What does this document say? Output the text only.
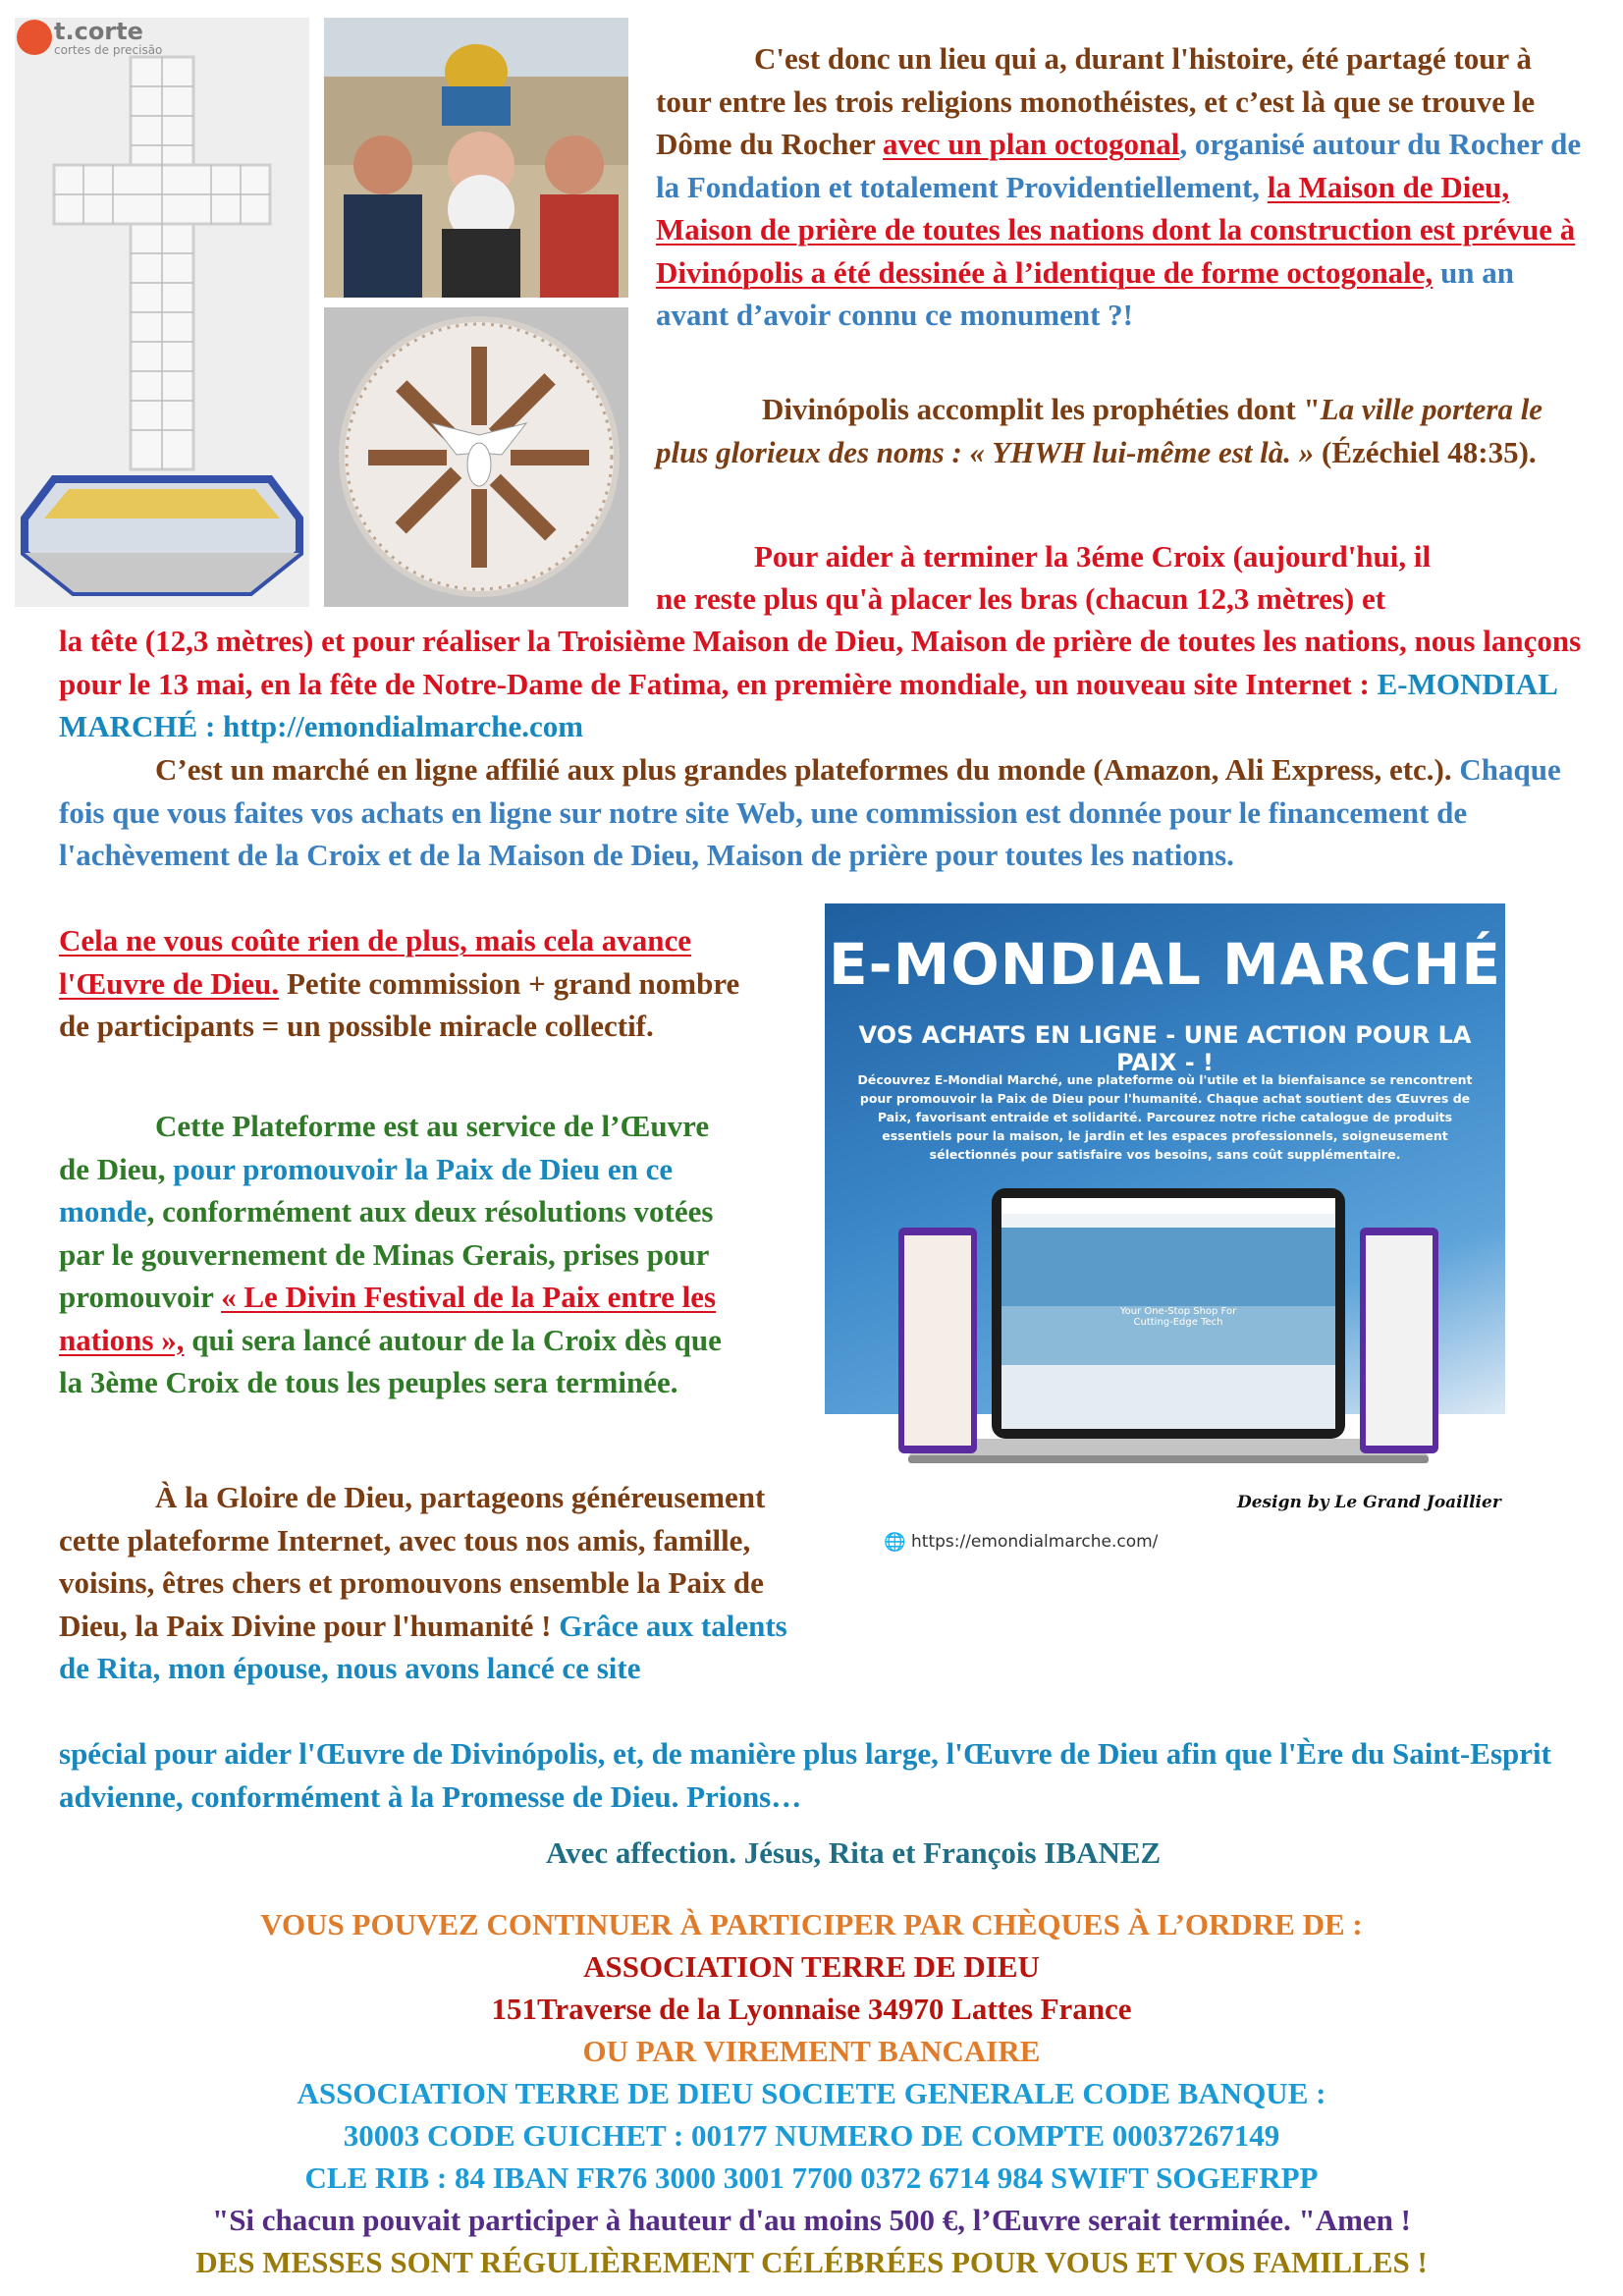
t.corte
cortes de precisão	C'est donc un lieu qui a, durant l'histoire, été partagé tour à tour entre les trois religions monothéistes, et c’est là que se trouve le Dôme du Rocher avec un plan octogonal, organisé autour du Rocher de la Fondation et totalement Providentiellement, la Maison de Dieu, Maison de prière de toutes les nations dont la construction est prévue à Divinópolis a été dessinée à l’identique de forme octogonale, un an avant d’avoir connu ce monument ?!

Divinópolis accomplit les prophéties dont "La ville portera le plus glorieux des noms : « YHWH lui-même est là. » (Ézéchiel 48:35).

Pour aider à terminer la 3éme Croix (aujourd'hui, il
ne reste plus qu'à placer les bras (chacun 12,3 mètres) et

la tête (12,3 mètres) et pour réaliser la Troisième Maison de Dieu, Maison de prière de toutes les nations, nous lançons pour le 13 mai, en la fête de Notre-Dame de Fatima, en première mondiale, un nouveau site Internet : E-MONDIAL MARCHÉ : http://emondialmarche.com

C’est un marché en ligne affilié aux plus grandes plateformes du monde (Amazon, Ali Express, etc.). Chaque fois que vous faites vos achats en ligne sur notre site Web, une commission est donnée pour le financement de l'achèvement de la Croix et de la Maison de Dieu, Maison de prière pour toutes les nations.

Cela ne vous coûte rien de plus, mais cela avance l'Œuvre de Dieu. Petite commission + grand nombre de participants = un possible miracle collectif.

Cette Plateforme est au service de l’Œuvre de Dieu, pour promouvoir la Paix de Dieu en ce monde, conformément aux deux résolutions votées par le gouvernement de Minas Gerais, prises pour promouvoir « Le Divin Festival de la Paix entre les nations », qui sera lancé autour de la Croix dès que la 3ème Croix de tous les peuples sera terminée.

À la Gloire de Dieu, partageons généreusement cette plateforme Internet, avec tous nos amis, famille, voisins, êtres chers et promouvons ensemble la Paix de Dieu, la Paix Divine pour l'humanité ! Grâce aux talents de Rita, mon épouse, nous avons lancé ce site

spécial pour aider l'Œuvre de Divinópolis, et, de manière plus large, l'Œuvre de Dieu afin que l'Ère du Saint-Esprit advienne, conformément à la Promesse de Dieu. Prions…

Avec affection. Jésus, Rita et François IBANEZ
E-MONDIAL MARCHÉ
VOS ACHATS EN LIGNE - UNE ACTION POUR LA PAIX - !
Découvrez E-Mondial Marché, une plateforme où l'utile et la bienfaisance se rencontrent pour promouvoir la Paix de Dieu pour l'humanité. Chaque achat soutient des Œuvres de Paix, favorisant entraide et solidarité. Parcourez notre riche catalogue de produits essentiels pour la maison, le jardin et les espaces professionnels, soigneusement sélectionnés pour satisfaire vos besoins, sans coût supplémentaire.
Your One-Stop Shop For Cutting-Edge Tech
Design by Le Grand Joaillier
🌐 https://emondialmarche.com/
VOUS POUVEZ CONTINUER À PARTICIPER PAR CHÈQUES À L’ORDRE DE :
ASSOCIATION TERRE DE DIEU
151Traverse de la Lyonnaise 34970 Lattes France
OU PAR VIREMENT BANCAIRE
ASSOCIATION TERRE DE DIEU SOCIETE GENERALE CODE BANQUE :
30003 CODE GUICHET : 00177 NUMERO DE COMPTE 00037267149
CLE RIB : 84 IBAN FR76 3000 3001 7700 0372 6714 984 SWIFT SOGEFRPP
"Si chacun pouvait participer à hauteur d'au moins 500 €, l’Œuvre serait terminée. "Amen !
DES MESSES SONT RÉGULIÈREMENT CÉLÉBRÉES POUR VOUS ET VOS FAMILLES !
